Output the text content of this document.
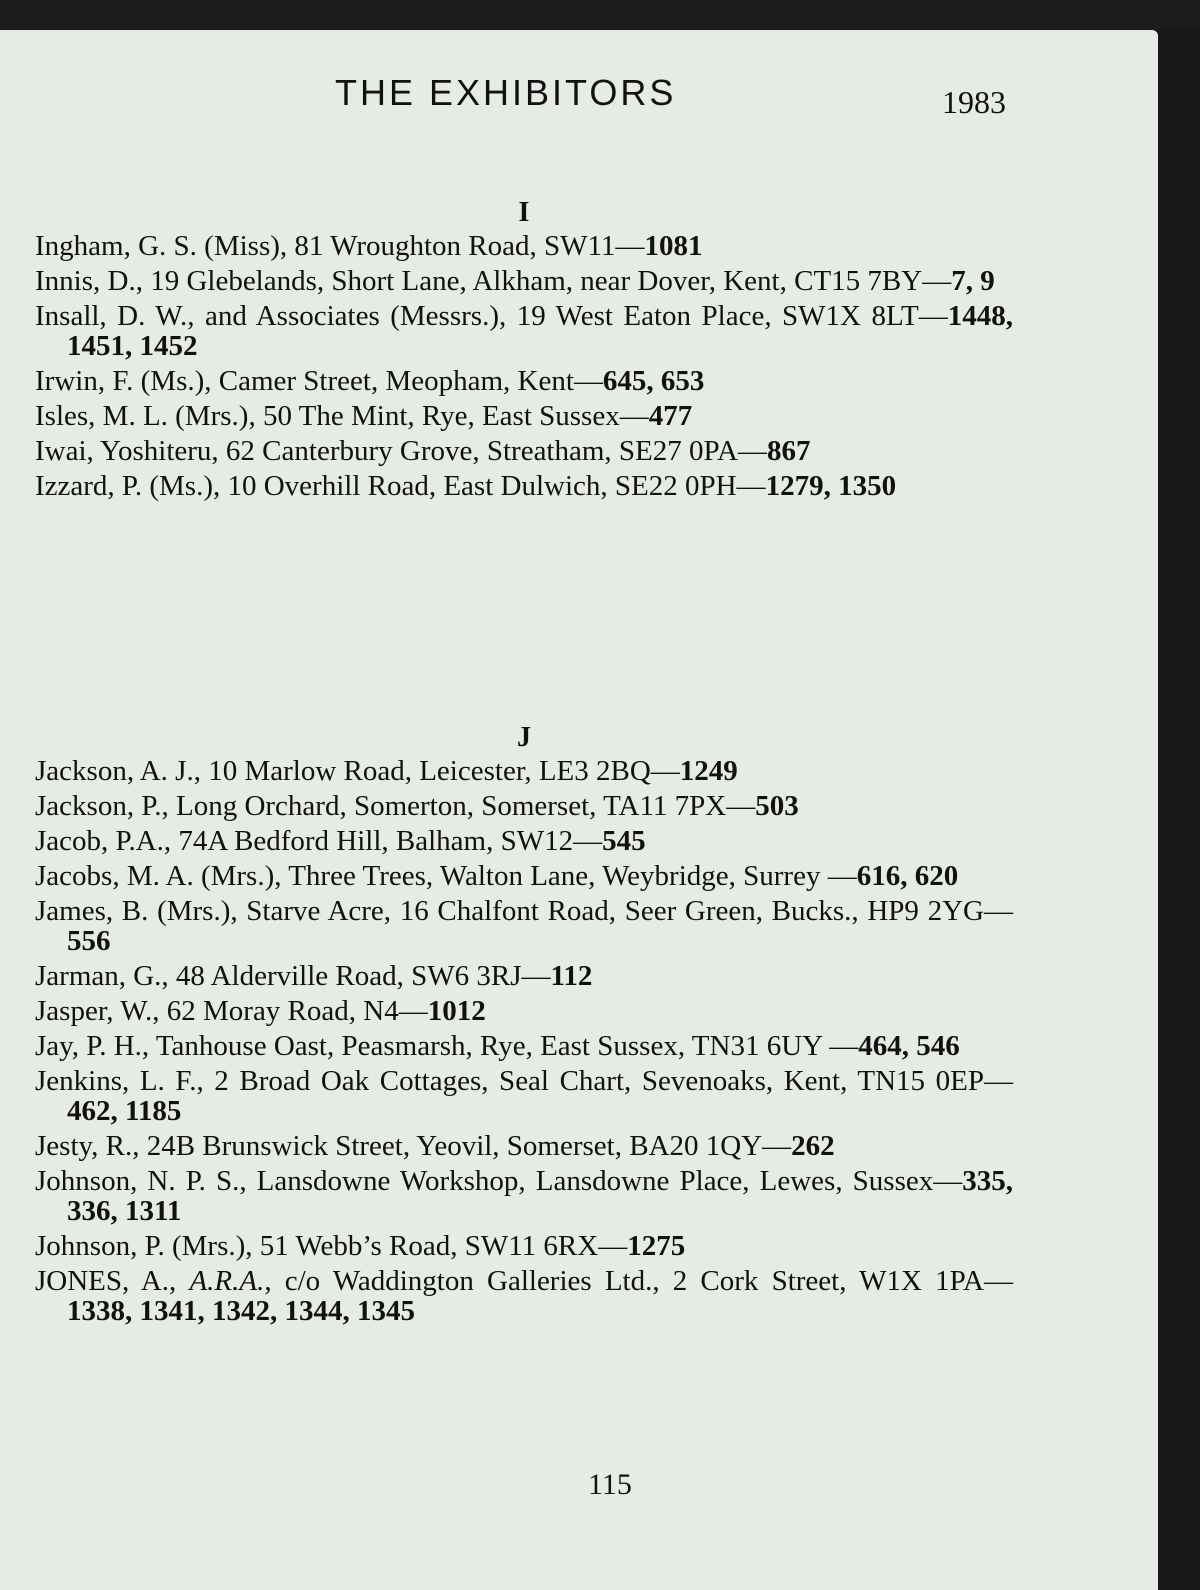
THE EXHIBITORS	1983
I
Ingham, G. S. (Miss), 81 Wroughton Road, SW11—1081
Innis, D., 19 Glebelands, Short Lane, Alkham, near Dover, Kent, CT15 7BY—7, 9
Insall, D. W., and Associates (Messrs.), 19 West Eaton Place, SW1X 8LT—1448, 1451, 1452
Irwin, F. (Ms.), Camer Street, Meopham, Kent—645, 653
Isles, M. L. (Mrs.), 50 The Mint, Rye, East Sussex—477
Iwai, Yoshiteru, 62 Canterbury Grove, Streatham, SE27 0PA—867
Izzard, P. (Ms.), 10 Overhill Road, East Dulwich, SE22 0PH—1279, 1350
J
Jackson, A. J., 10 Marlow Road, Leicester, LE3 2BQ—1249
Jackson, P., Long Orchard, Somerton, Somerset, TA11 7PX—503
Jacob, P.A., 74A Bedford Hill, Balham, SW12—545
Jacobs, M. A. (Mrs.), Three Trees, Walton Lane, Weybridge, Surrey —616, 620
James, B. (Mrs.), Starve Acre, 16 Chalfont Road, Seer Green, Bucks., HP9 2YG—556
Jarman, G., 48 Alderville Road, SW6 3RJ—112
Jasper, W., 62 Moray Road, N4—1012
Jay, P. H., Tanhouse Oast, Peasmarsh, Rye, East Sussex, TN31 6UY —464, 546
Jenkins, L. F., 2 Broad Oak Cottages, Seal Chart, Sevenoaks, Kent, TN15 0EP—462, 1185
Jesty, R., 24B Brunswick Street, Yeovil, Somerset, BA20 1QY—262
Johnson, N. P. S., Lansdowne Workshop, Lansdowne Place, Lewes, Sussex—335, 336, 1311
Johnson, P. (Mrs.), 51 Webb’s Road, SW11 6RX—1275
JONES, A., A.R.A., c/o Waddington Galleries Ltd., 2 Cork Street, W1X 1PA—1338, 1341, 1342, 1344, 1345
115
